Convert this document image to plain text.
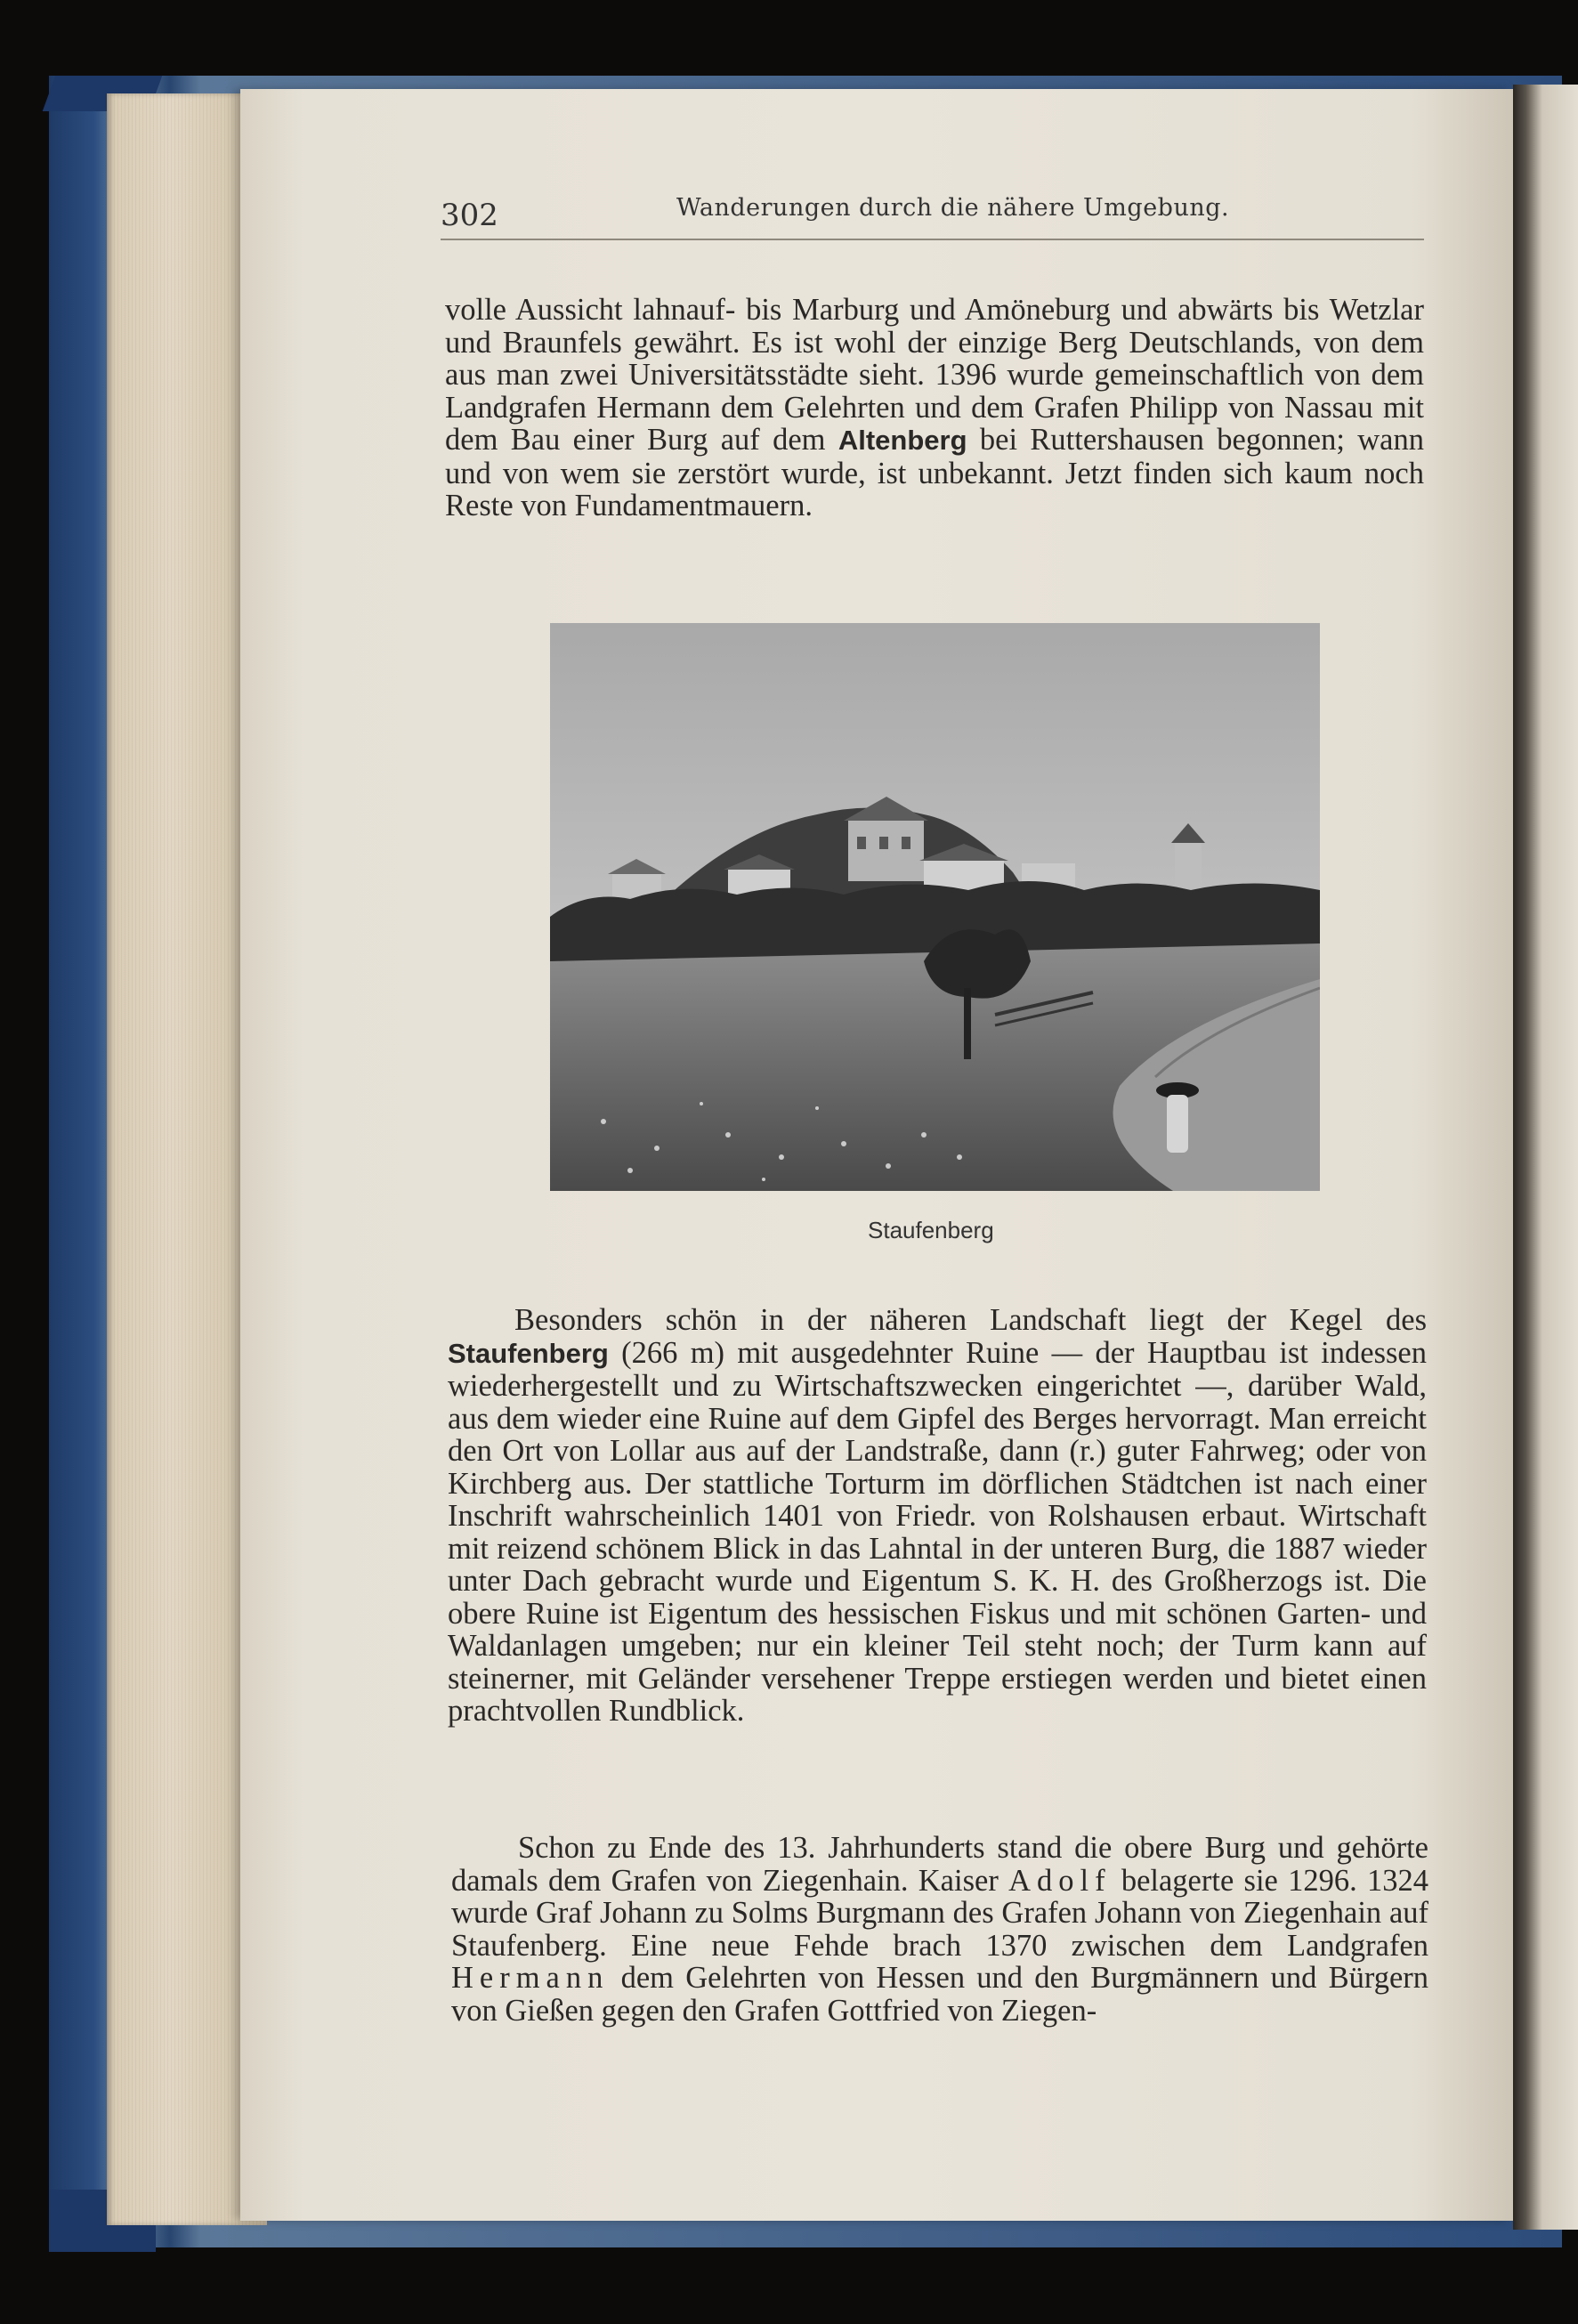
302	Wanderungen durch die nähere Umgebung.
volle Aussicht lahnauf- bis Marburg und Amöneburg und abwärts bis Wetzlar und Braunfels gewährt. Es ist wohl der einzige Berg Deutschlands, von dem aus man zwei Universitätsstädte sieht. 1396 wurde gemeinschaftlich von dem Landgrafen Hermann dem Gelehrten und dem Grafen Philipp von Nassau mit dem Bau einer Burg auf dem Altenberg bei Ruttershausen begonnen; wann und von wem sie zerstört wurde, ist unbekannt. Jetzt finden sich kaum noch Reste von Fundamentmauern.
Staufenberg
Besonders schön in der näheren Landschaft liegt der Kegel des Staufenberg (266 m) mit ausgedehnter Ruine — der Hauptbau ist indessen wiederhergestellt und zu Wirtschaftszwecken eingerichtet —, darüber Wald, aus dem wieder eine Ruine auf dem Gipfel des Berges hervorragt. Man erreicht den Ort von Lollar aus auf der Landstraße, dann (r.) guter Fahrweg; oder von Kirchberg aus. Der stattliche Torturm im dörflichen Städtchen ist nach einer Inschrift wahrscheinlich 1401 von Friedr. von Rolshausen erbaut. Wirtschaft mit reizend schönem Blick in das Lahntal in der unteren Burg, die 1887 wieder unter Dach gebracht wurde und Eigentum S. K. H. des Großherzogs ist. Die obere Ruine ist Eigentum des hessischen Fiskus und mit schönen Garten- und Waldanlagen umgeben; nur ein kleiner Teil steht noch; der Turm kann auf steinerner, mit Geländer versehener Treppe erstiegen werden und bietet einen prachtvollen Rundblick.
Schon zu Ende des 13. Jahrhunderts stand die obere Burg und gehörte damals dem Grafen von Ziegenhain. Kaiser Adolf belagerte sie 1296. 1324 wurde Graf Johann zu Solms Burgmann des Grafen Johann von Ziegenhain auf Staufenberg. Eine neue Fehde brach 1370 zwischen dem Landgrafen Hermann dem Gelehrten von Hessen und den Burgmännern und Bürgern von Gießen gegen den Grafen Gottfried von Ziegen-
